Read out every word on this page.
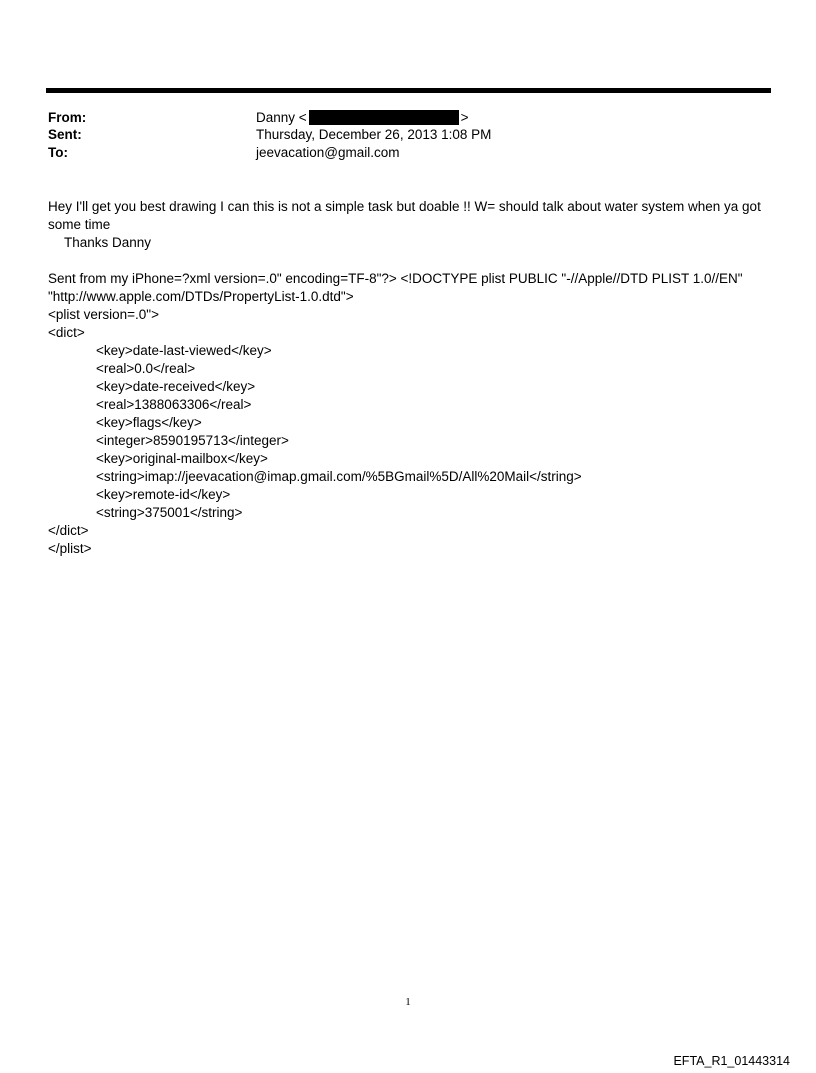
From:	Danny <	>
Sent:	Thursday, December 26, 2013 1:08 PM
To:	jeevacation@gmail.com

Hey I'll get you best drawing I can this is not a simple task but doable !! W= should talk about water system when ya got some time

Thanks Danny

Sent from my iPhone=?xml version=.0" encoding=TF-8"?> <!DOCTYPE plist PUBLIC "-//Apple//DTD PLIST 1.0//EN"

"http://www.apple.com/DTDs/PropertyList-1.0.dtd">

<plist version=.0">

<dict>

<key>date-last-viewed</key>

<real>0.0</real>

<key>date-received</key>

<real>1388063306</real>

<key>flags</key>

<integer>8590195713</integer>

<key>original-mailbox</key>

<string>imap://jeevacation@imap.gmail.com/%5BGmail%5D/All%20Mail</string>

<key>remote-id</key>

<string>375001</string>

</dict>

</plist>

1
EFTA_R1_01443314
